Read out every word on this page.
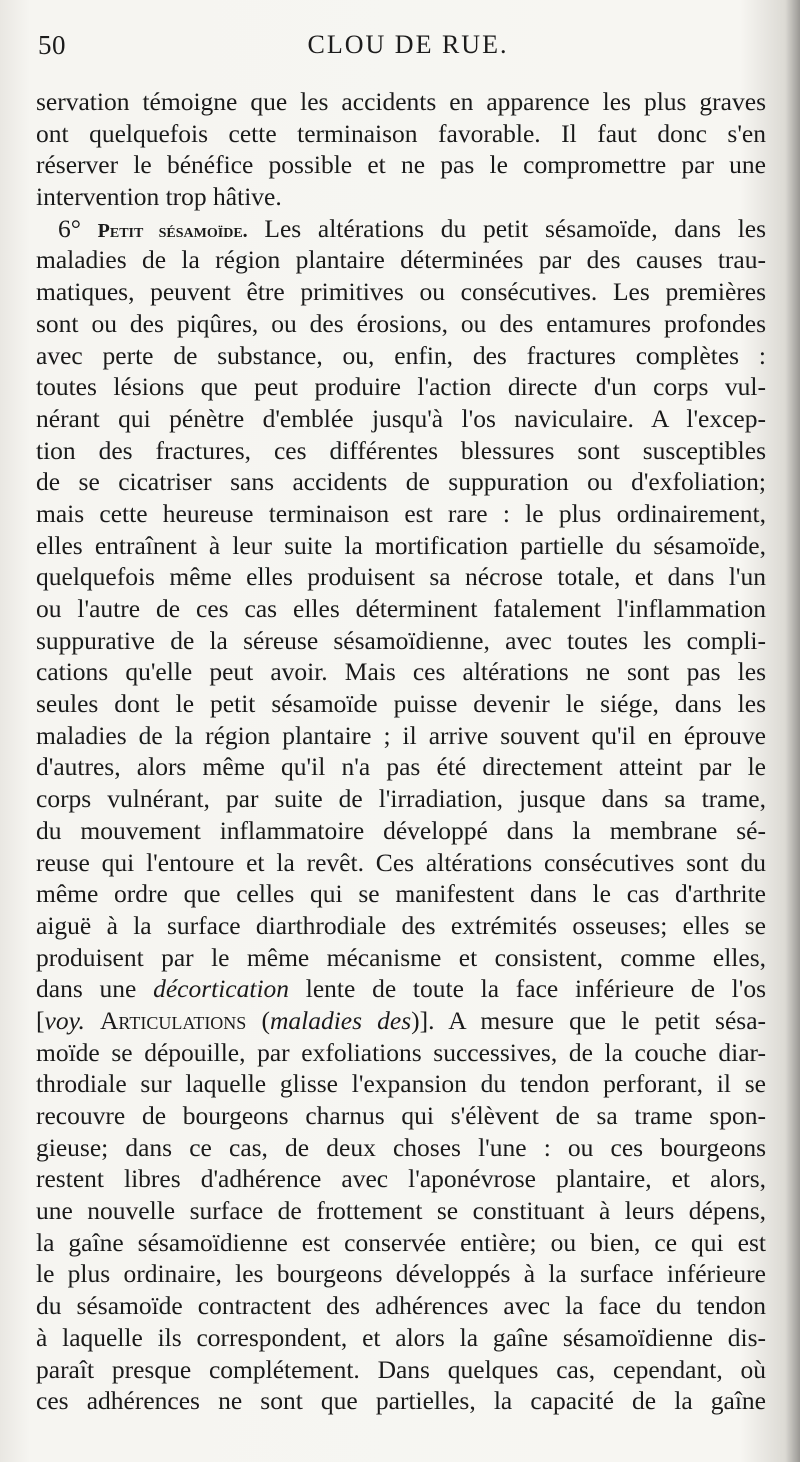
50	CLOU DE RUE.
servation témoigne que les accidents en apparence les plus graves
ont quelquefois cette terminaison favorable. Il faut donc s'en
réserver le bénéfice possible et ne pas le compromettre par une
intervention trop hâtive.
6° Petit sésamoïde. Les altérations du petit sésamoïde, dans les
maladies de la région plantaire déterminées par des causes trau-
matiques, peuvent être primitives ou consécutives. Les premières
sont ou des piqûres, ou des érosions, ou des entamures profondes
avec perte de substance, ou, enfin, des fractures complètes :
toutes lésions que peut produire l'action directe d'un corps vul-
nérant qui pénètre d'emblée jusqu'à l'os naviculaire. A l'excep-
tion des fractures, ces différentes blessures sont susceptibles
de se cicatriser sans accidents de suppuration ou d'exfoliation;
mais cette heureuse terminaison est rare : le plus ordinairement,
elles entraînent à leur suite la mortification partielle du sésamoïde,
quelquefois même elles produisent sa nécrose totale, et dans l'un
ou l'autre de ces cas elles déterminent fatalement l'inflammation
suppurative de la séreuse sésamoïdienne, avec toutes les compli-
cations qu'elle peut avoir. Mais ces altérations ne sont pas les
seules dont le petit sésamoïde puisse devenir le siége, dans les
maladies de la région plantaire ; il arrive souvent qu'il en éprouve
d'autres, alors même qu'il n'a pas été directement atteint par le
corps vulnérant, par suite de l'irradiation, jusque dans sa trame,
du mouvement inflammatoire développé dans la membrane sé-
reuse qui l'entoure et la revêt. Ces altérations consécutives sont du
même ordre que celles qui se manifestent dans le cas d'arthrite
aiguë à la surface diarthrodiale des extrémités osseuses; elles se
produisent par le même mécanisme et consistent, comme elles,
dans une décortication lente de toute la face inférieure de l'os
[voy. Articulations (maladies des)]. A mesure que le petit sésa-
moïde se dépouille, par exfoliations successives, de la couche diar-
throdiale sur laquelle glisse l'expansion du tendon perforant, il se
recouvre de bourgeons charnus qui s'élèvent de sa trame spon-
gieuse; dans ce cas, de deux choses l'une : ou ces bourgeons
restent libres d'adhérence avec l'aponévrose plantaire, et alors,
une nouvelle surface de frottement se constituant à leurs dépens,
la gaîne sésamoïdienne est conservée entière; ou bien, ce qui est
le plus ordinaire, les bourgeons développés à la surface inférieure
du sésamoïde contractent des adhérences avec la face du tendon
à laquelle ils correspondent, et alors la gaîne sésamoïdienne dis-
paraît presque complétement. Dans quelques cas, cependant, où
ces adhérences ne sont que partielles, la capacité de la gaîne
